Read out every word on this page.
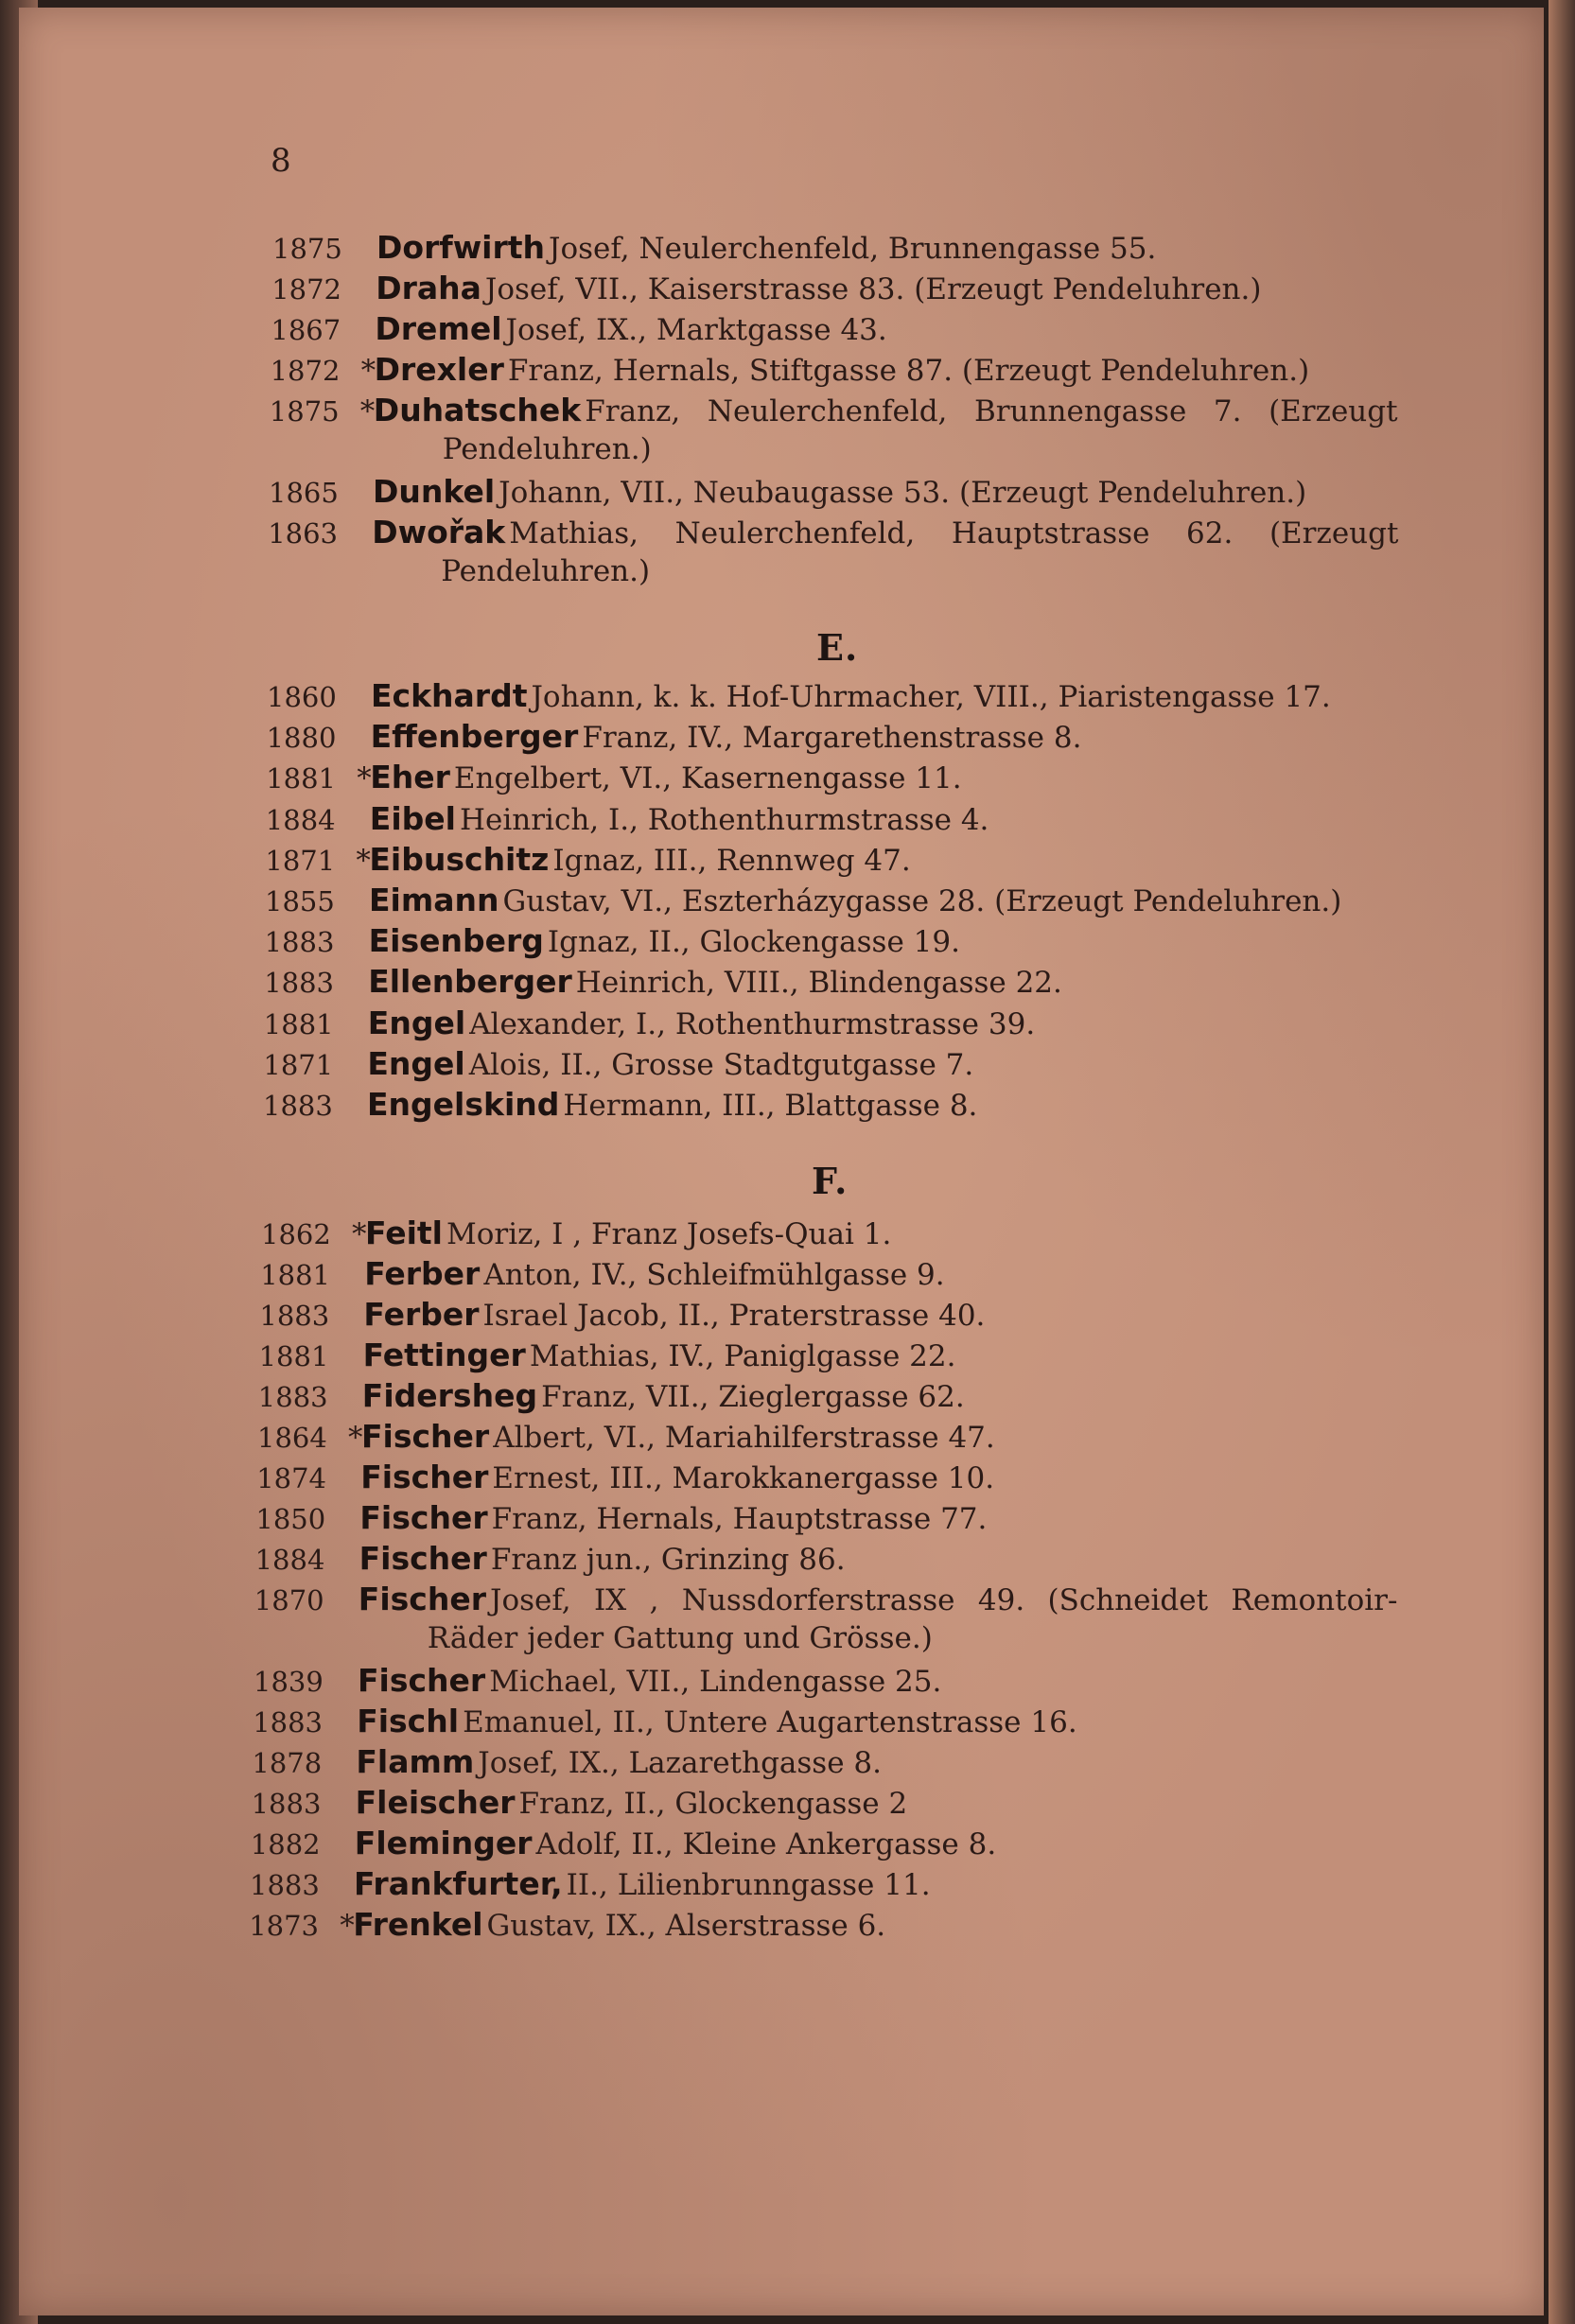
8
1875 Dorfwirth Josef, Neulerchenfeld, Brunnengasse 55.
1872 Draha Josef, VII., Kaiserstrasse 83. (Erzeugt Pendeluhren.)
1867 Dremel Josef, IX., Marktgasse 43.
1872 *Drexler Franz, Hernals, Stiftgasse 87. (Erzeugt Pendeluhren.)
1875 *Duhatschek Franz, Neulerchenfeld, Brunnengasse 7. (Erzeugt
Pendeluhren.)
1865 Dunkel Johann, VII., Neubaugasse 53. (Erzeugt Pendeluhren.)
1863 Dwořak Mathias, Neulerchenfeld, Hauptstrasse 62. (Erzeugt
Pendeluhren.)
1860 Eckhardt Johann, k. k. Hof-Uhrmacher, VIII., Piaristengasse 17.
1880 Effenberger Franz, IV., Margarethenstrasse 8.
1881 *Eher Engelbert, VI., Kasernengasse 11.
1884 Eibel Heinrich, I., Rothenthurmstrasse 4.
1871 *Eibuschitz Ignaz, III., Rennweg 47.
1855 Eimann Gustav, VI., Eszterházygasse 28. (Erzeugt Pendeluhren.)
1883 Eisenberg Ignaz, II., Glockengasse 19.
1883 Ellenberger Heinrich, VIII., Blindengasse 22.
1881 Engel Alexander, I., Rothenthurmstrasse 39.
1871 Engel Alois, II., Grosse Stadtgutgasse 7.
1883 Engelskind Hermann, III., Blattgasse 8.
1862 *Feitl Moriz, I , Franz Josefs-Quai 1.
1881 Ferber Anton, IV., Schleifmühlgasse 9.
1883 Ferber Israel Jacob, II., Praterstrasse 40.
1881 Fettinger Mathias, IV., Paniglgasse 22.
1883 Fidersheg Franz, VII., Zieglergasse 62.
1864 *Fischer Albert, VI., Mariahilferstrasse 47.
1874 Fischer Ernest, III., Marokkanergasse 10.
1850 Fischer Franz, Hernals, Hauptstrasse 77.
1884 Fischer Franz jun., Grinzing 86.
1870 Fischer Josef, IX , Nussdorferstrasse 49. (Schneidet Remontoir-
Räder jeder Gattung und Grösse.)
1839 Fischer Michael, VII., Lindengasse 25.
1883 Fischl Emanuel, II., Untere Augartenstrasse 16.
1878 Flamm Josef, IX., Lazarethgasse 8.
1883 Fleischer Franz, II., Glockengasse 2
1882 Fleminger Adolf, II., Kleine Ankergasse 8.
1883 Frankfurter, II., Lilienbrunngasse 11.
1873 *Frenkel Gustav, IX., Alserstrasse 6.
E.
F.
